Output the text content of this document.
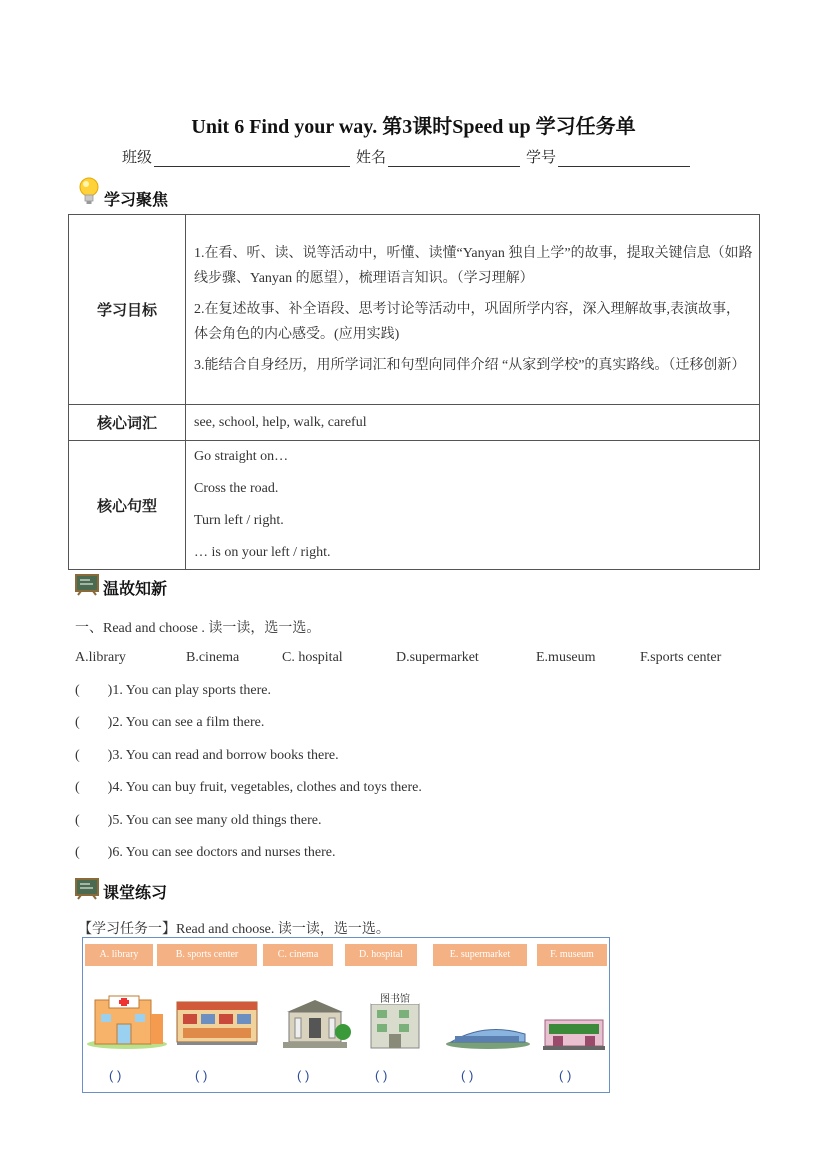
Unit 6 Find your way. 第3课时Speed up 学习任务单
班级	姓名	学号
学习聚焦
学习目标	1.在看、听、读、说等活动中，听懂、读懂“Yanyan 独自上学”的故事，提取关键信息（如路线步骤、Yanyan 的愿望），梳理语言知识。（学习理解）
2.在复述故事、补全语段、思考讨论等活动中，巩固所学内容，深入理解故事,表演故事，体会角色的内心感受。(应用实践)
3.能结合自身经历，用所学词汇和句型向同伴介绍 “从家到学校”的真实路线。（迁移创新）

核心词汇	see, school, help, walk, careful
核心句型	Go straight on…
Cross the road.
Turn left / right.
… is on your left / right.
温故知新
一、Read and choose . 读一读，选一选。
A.library	B.cinema	C. hospital	D.supermarket	E.museum	F.sports center
(        )1. You can play sports there.
(        )2. You can see a film there.
(        )3. You can read and borrow books there.
(        )4. You can buy fruit, vegetables, clothes and toys there.
(        )5. You can see many old things there.
(        )6. You can see doctors and nurses there.
课堂练习
【学习任务一】Read and choose. 读一读，选一选。
A. library	B. sports center	C. cinema	D. hospital	E. supermarket	F. museum
图书馆
( )	( )	( )	( )	( )	( )
